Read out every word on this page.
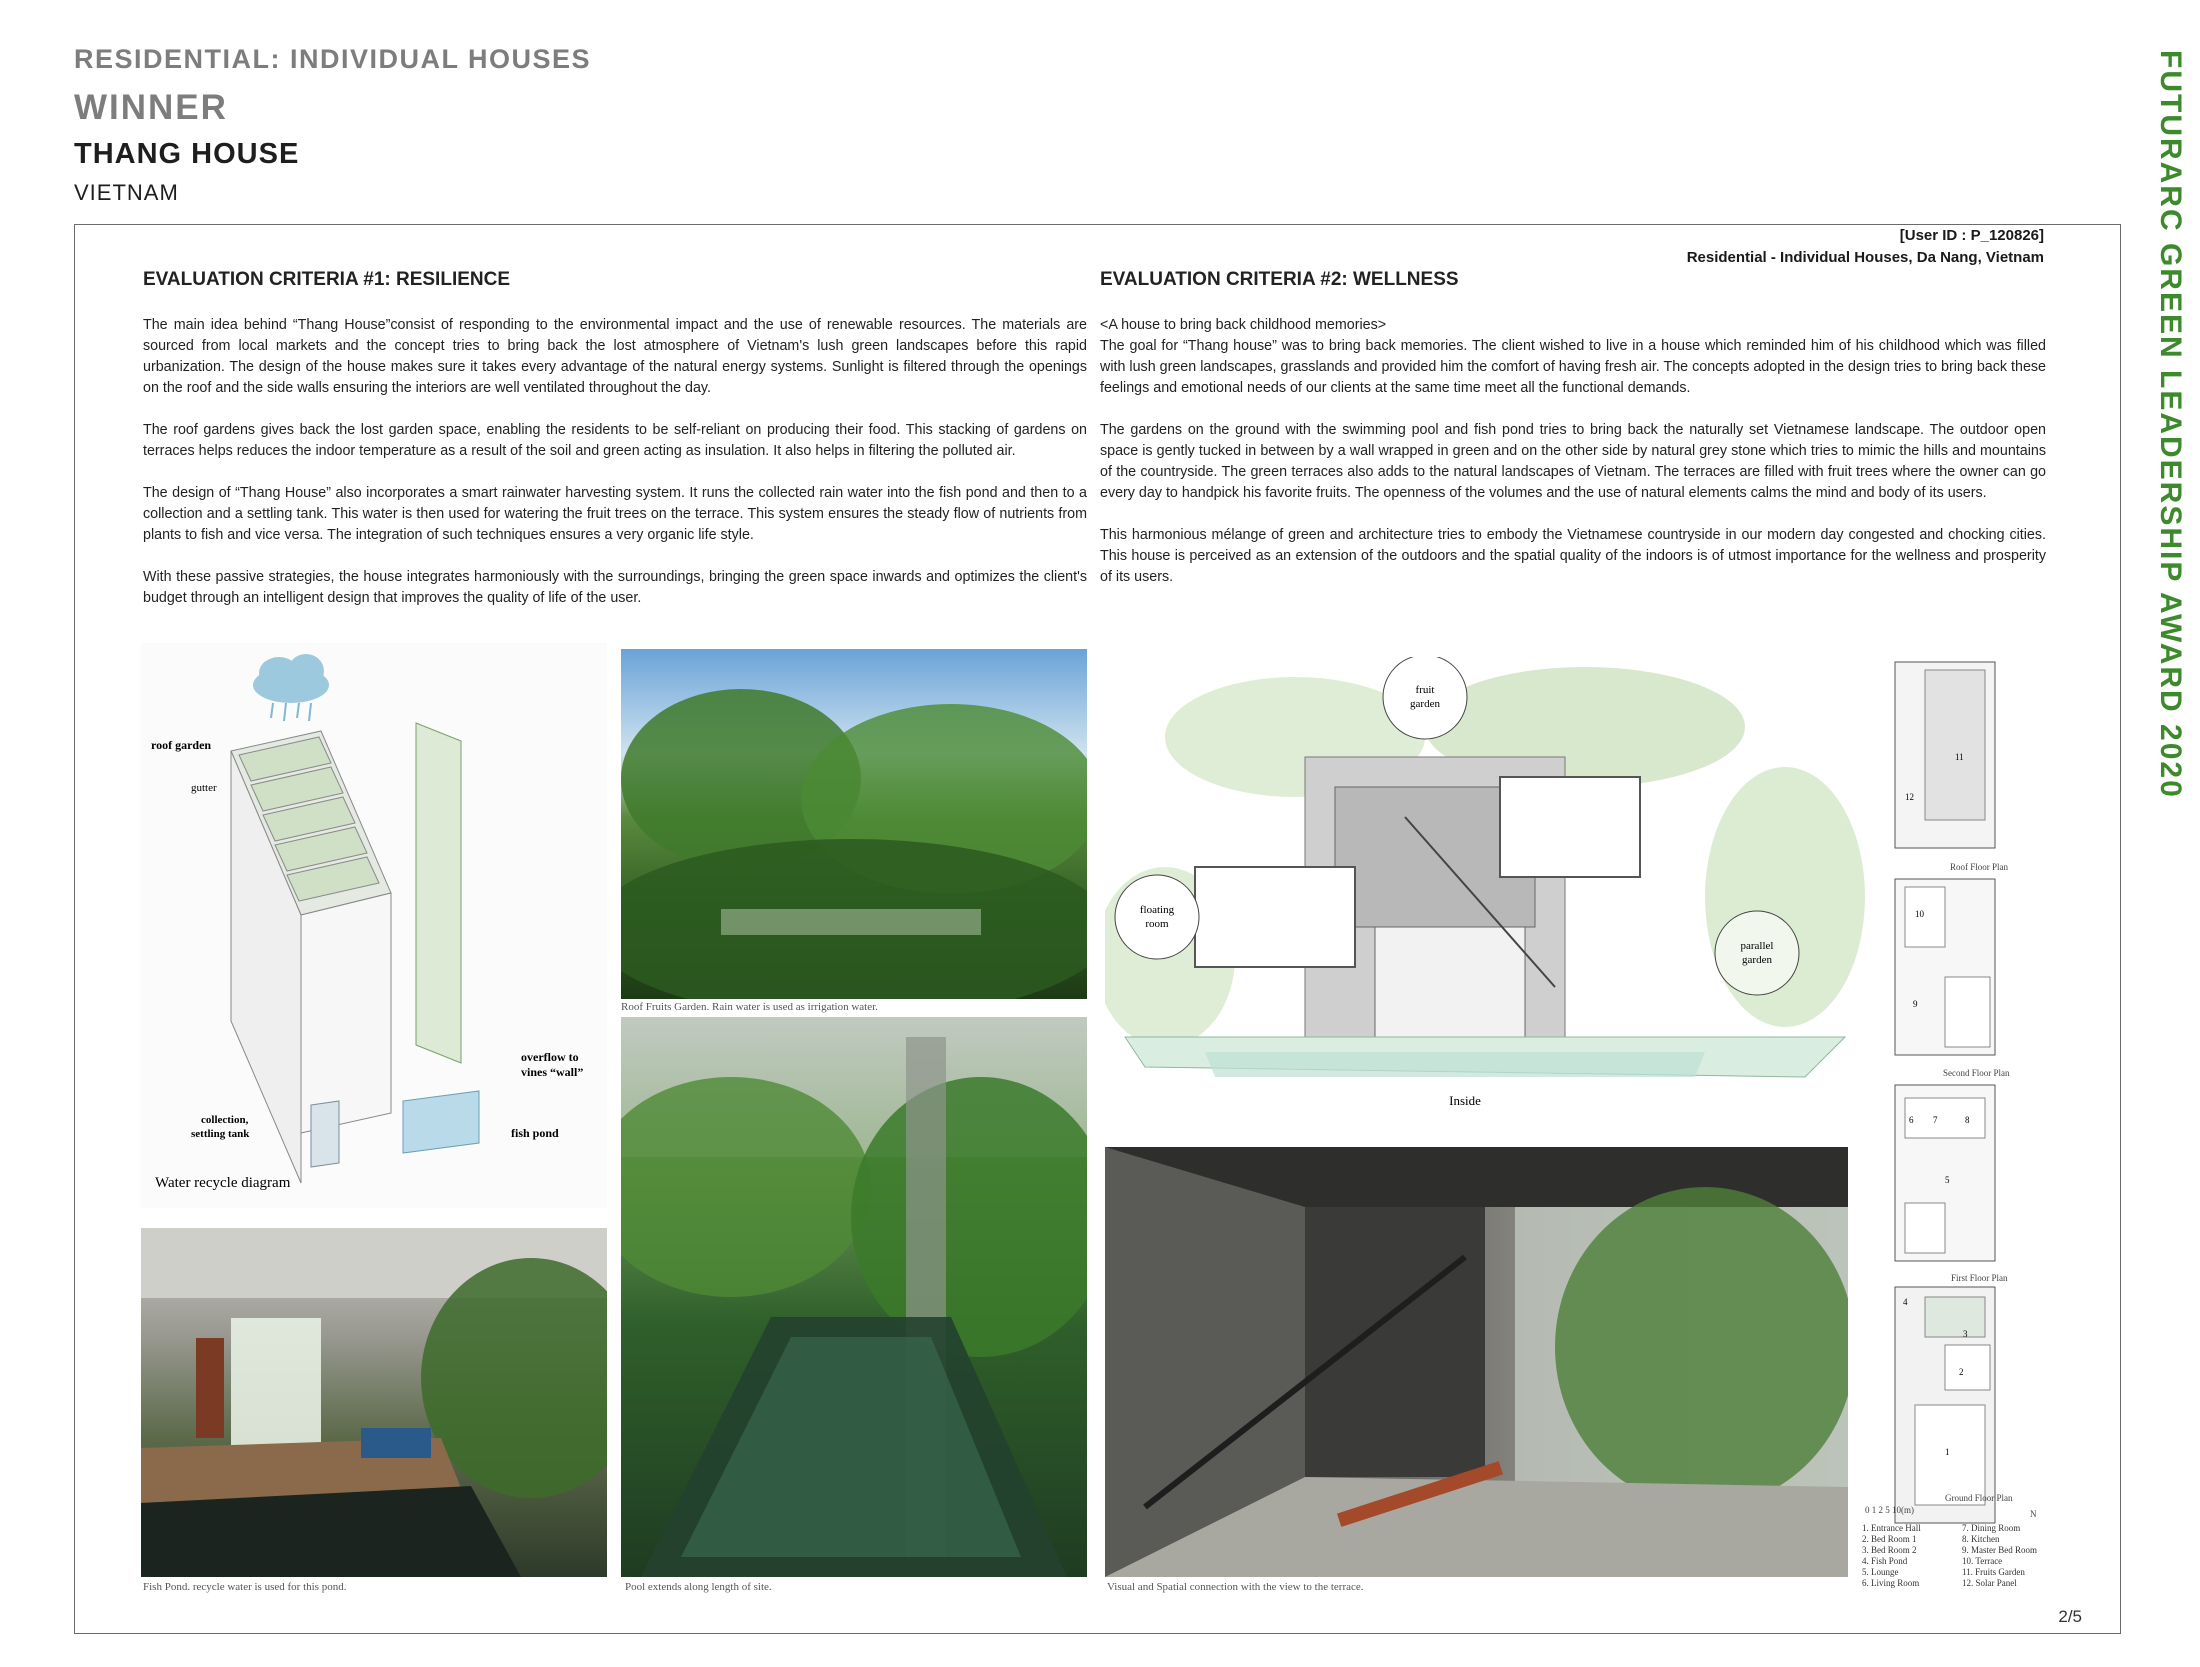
RESIDENTIAL: INDIVIDUAL HOUSES
WINNER
THANG HOUSE
VIETNAM	FUTURARC GREEN LEADERSHIP AWARD 2020
[User ID : P_120826]
Residential - Individual Houses, Da Nang, Vietnam
EVALUATION CRITERIA #1: RESILIENCE

The main idea behind “Thang House”consist of responding to the environmental impact and the use of renewable resources. The materials are sourced from local markets and the concept tries to bring back the lost atmosphere of Vietnam's lush green landscapes before this rapid urbanization. The design of the house makes sure it takes every advantage of the natural energy systems. Sunlight is filtered through the openings on the roof and the side walls ensuring the interiors are well ventilated throughout the day.

The roof gardens gives back the lost garden space, enabling the residents to be self-reliant on producing their food. This stacking of gardens on terraces helps reduces the indoor temperature as a result of the soil and green acting as insulation. It also helps in filtering the polluted air.

The design of “Thang House” also incorporates a smart rainwater harvesting system. It runs the collected rain water into the fish pond and then to a collection and a settling tank. This water is then used for watering the fruit trees on the terrace. This system ensures the steady flow of nutrients from plants to fish and vice versa. The integration of such techniques ensures a very organic life style.

With these passive strategies, the house integrates harmoniously with the surroundings, bringing the green space inwards and optimizes the client's budget through an intelligent design that improves the quality of life of the user.

EVALUATION CRITERIA #2: WELLNESS
<A house to bring back childhood memories>

The goal for “Thang house” was to bring back memories. The client wished to live in a house which reminded him of his childhood which was filled with lush green landscapes, grasslands and provided him the comfort of having fresh air. The concepts adopted in the design tries to bring back these feelings and emotional needs of our clients at the same time meet all the functional demands.

The gardens on the ground with the swimming pool and fish pond tries to bring back the naturally set Vietnamese landscape. The outdoor open space is gently tucked in between by a wall wrapped in green and on the other side by natural grey stone which tries to mimic the hills and mountains of the countryside. The green terraces also adds to the natural landscapes of Vietnam. The terraces are filled with fruit trees where the owner can go every day to handpick his favorite fruits. The openness of the volumes and the use of natural elements calms the mind and body of its users.

This harmonious mélange of green and architecture tries to embody the Vietnamese countryside in our modern day congested and chocking cities. This house is perceived as an extension of the outdoors and the spatial quality of the indoors is of utmost importance for the wellness and prosperity of its users.

roof garden
gutter
overflow to
vines “wall”
collection,
settling tank	fish pond
Water recycle diagram
Roof Fruits Garden. Rain water is used as irrigation water.
Pool extends along length of site.
Fish Pond. recycle water is used for this pond.
fruit
garden
floating
room
parallel
garden
Inside
Visual and Spatial connection with the view to the terrace.
11
12
Roof Floor Plan
10
9
Second Floor Plan
6 7	8
5
First Floor Plan
4
3
2
1
Ground Floor Plan
0 1 2 5 10(m)	N
1. Entrance Hall
2. Bed Room 1
3. Bed Room 2
4. Fish Pond
5. Lounge
6. Living Room
7. Dining Room
8. Kitchen
9. Master Bed Room
10. Terrace
11. Fruits Garden
12. Solar Panel
2/5
